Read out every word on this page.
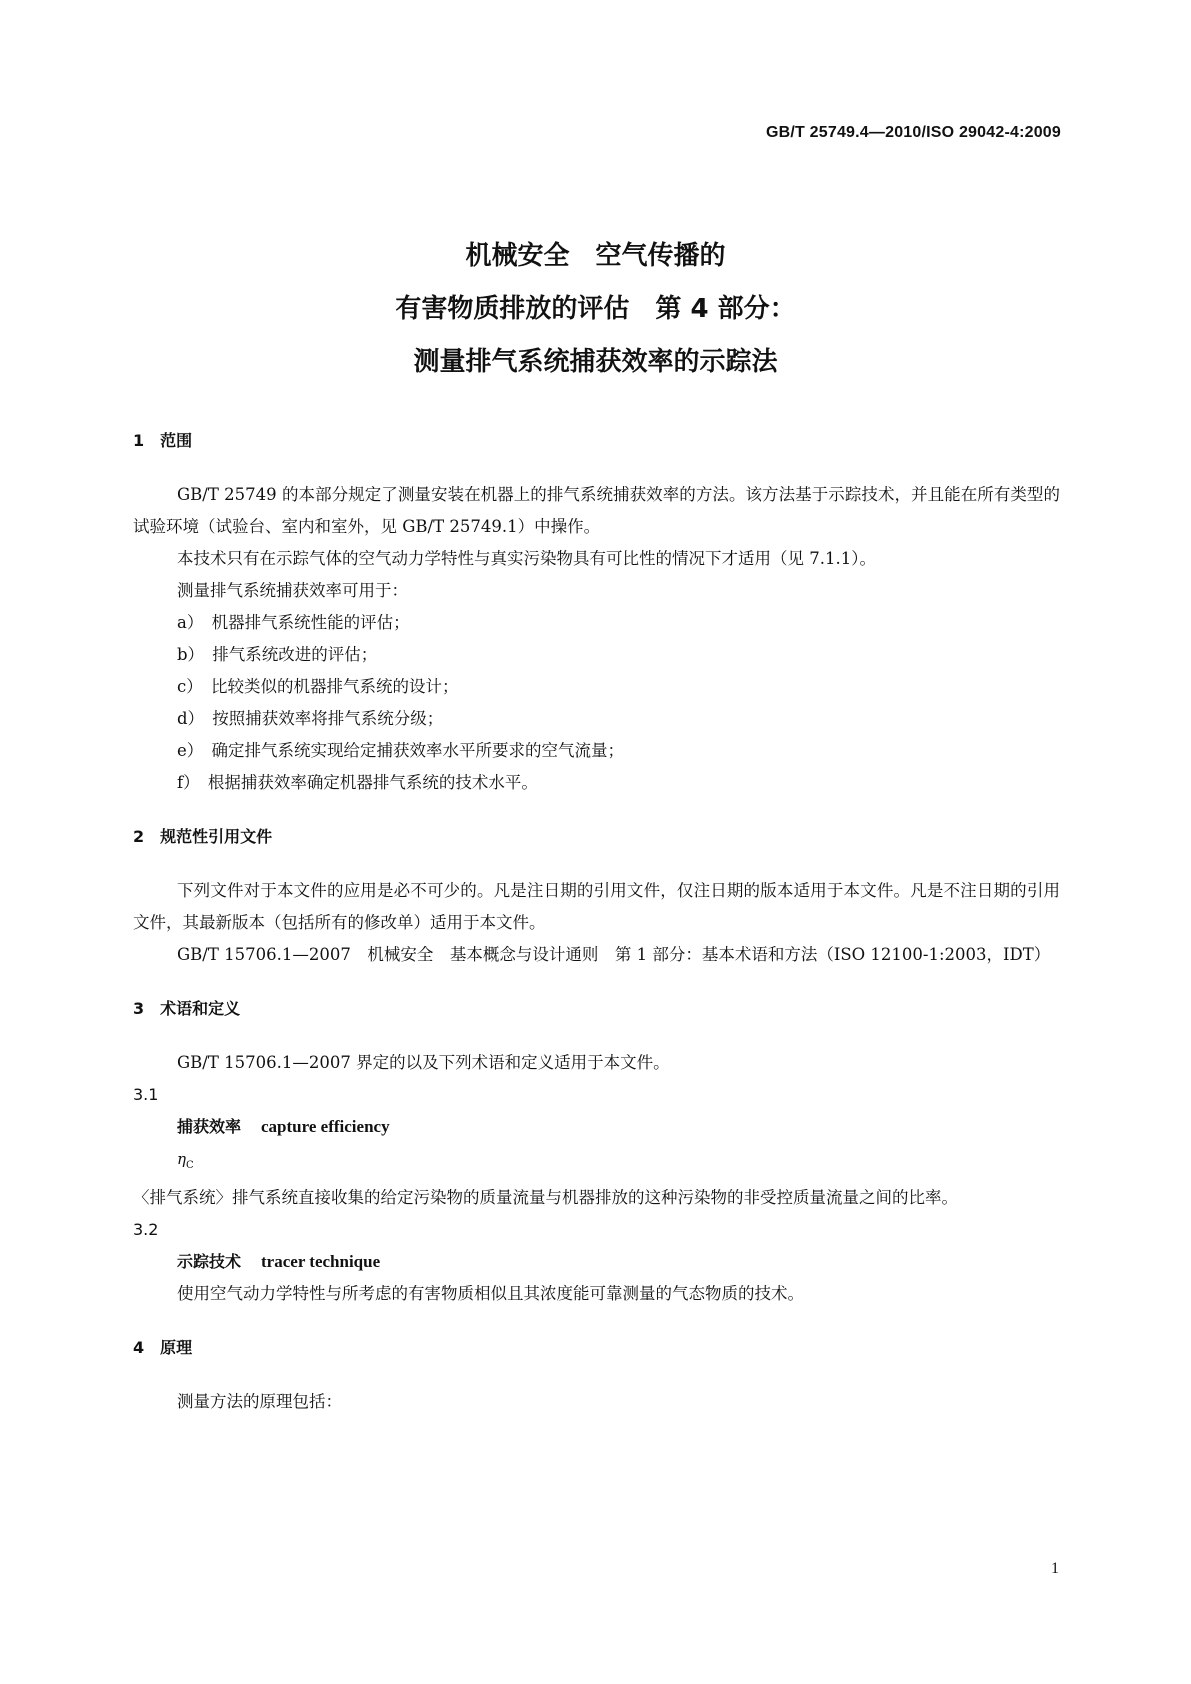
GB/T 25749.4—2010/ISO 29042-4:2009
机械安全　空气传播的
有害物质排放的评估　第 4 部分：
测量排气系统捕获效率的示踪法
1　范围

GB/T 25749 的本部分规定了测量安装在机器上的排气系统捕获效率的方法。该方法基于示踪技术，并且能在所有类型的试验环境（试验台、室内和室外，见 GB/T 25749.1）中操作。

本技术只有在示踪气体的空气动力学特性与真实污染物具有可比性的情况下才适用（见 7.1.1）。

测量排气系统捕获效率可用于：

a）　机器排气系统性能的评估；

b）　排气系统改进的评估；

c）　比较类似的机器排气系统的设计；

d）　按照捕获效率将排气系统分级；

e）　确定排气系统实现给定捕获效率水平所要求的空气流量；

f）　根据捕获效率确定机器排气系统的技术水平。

2　规范性引用文件

下列文件对于本文件的应用是必不可少的。凡是注日期的引用文件，仅注日期的版本适用于本文件。凡是不注日期的引用文件，其最新版本（包括所有的修改单）适用于本文件。

GB/T 15706.1—2007　机械安全　基本概念与设计通则　第 1 部分：基本术语和方法（ISO 12100-1:2003，IDT）

3　术语和定义

GB/T 15706.1—2007 界定的以及下列术语和定义适用于本文件。

3.1

捕获效率 capture efficiency

$\eta_C$

〈排气系统〉排气系统直接收集的给定污染物的质量流量与机器排放的这种污染物的非受控质量流量之间的比率。

3.2

示踪技术 tracer technique

使用空气动力学特性与所考虑的有害物质相似且其浓度能可靠测量的气态物质的技术。

4　原理

测量方法的原理包括：

1
